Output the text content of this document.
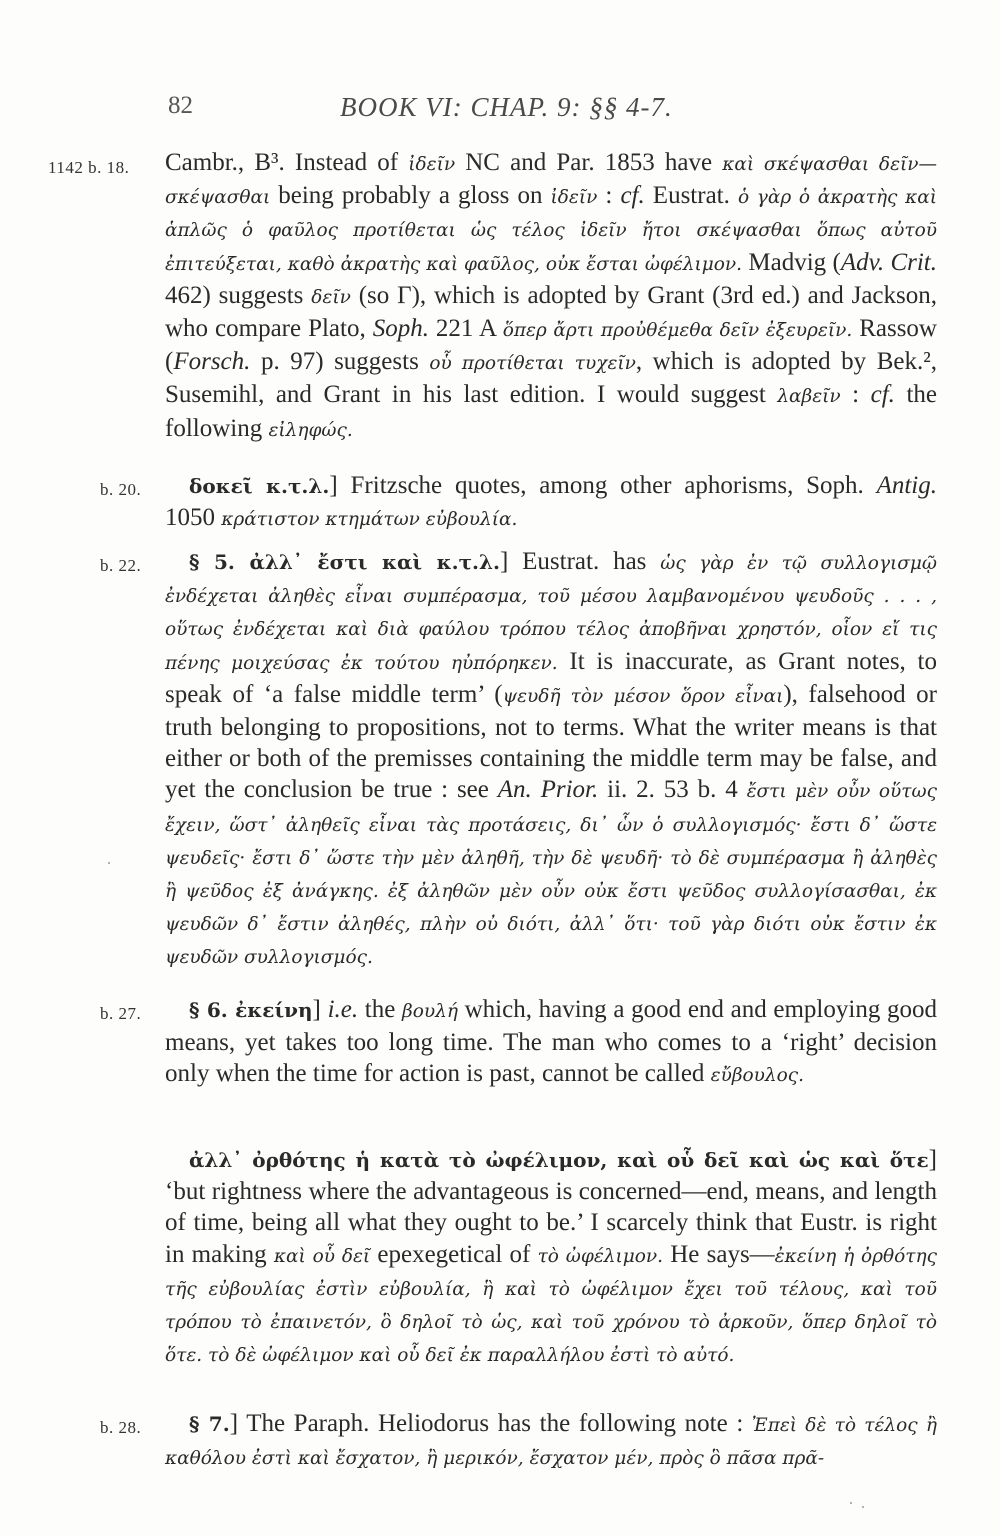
82	BOOK VI: CHAP. 9: §§ 4-7.
1142 b. 18. Cambr., B³. Instead of ἰδεῖν NC and Par. 1853 have καὶ σκέψασθαι δεῖν—σκέψασθαι being probably a gloss on ἰδεῖν : cf. Eustrat. ὁ γὰρ ὁ ἀκρατὴς καὶ ἁπλῶς ὁ φαῦλος προτίθεται ὡς τέλος ἰδεῖν ἤτοι σκέψασθαι ὅπως αὐτοῦ ἐπιτεύξεται, καθὸ ἀκρατὴς καὶ φαῦλος, οὐκ ἔσται ὠφέλιμον. Madvig (Adv. Crit. 462) suggests δεῖν (so Γ), which is adopted by Grant (3rd ed.) and Jackson, who compare Plato, Soph. 221 A ὅπερ ἄρτι προὐθέμεθα δεῖν ἐξευρεῖν. Rassow (Forsch. p. 97) suggests οὗ προτίθεται τυχεῖν, which is adopted by Bek.², Susemihl, and Grant in his last edition. I would suggest λαβεῖν : cf. the following εἰληφώς.
b. 20.	δοκεῖ κ.τ.λ.] Fritzsche quotes, among other aphorisms, Soph. Antig. 1050 κράτιστον κτημάτων εὐβουλία.
b. 22.	§ 5. ἀλλ᾽ ἔστι καὶ κ.τ.λ.] Eustrat. has ὡς γὰρ ἐν τῷ συλλογισμῷ ἐνδέχεται ἀληθὲς εἶναι συμπέρασμα, τοῦ μέσου λαμβανομένου ψευδοῦς . . . , οὕτως ἐνδέχεται καὶ διὰ φαύλου τρόπου τέλος ἀποβῆναι χρηστόν, οἷον εἴ τις πένης μοιχεύσας ἐκ τούτου ηὐπόρηκεν. It is inaccurate, as Grant notes, to speak of ‘a false middle term’ (ψευδῆ τὸν μέσον ὅρον εἶναι), falsehood or truth belonging to propositions, not to terms. What the writer means is that either or both of the premisses containing the middle term may be false, and yet the conclusion be true : see An. Prior. ii. 2. 53 b. 4 ἔστι μὲν οὖν οὕτως ἔχειν, ὥστ᾽ ἀληθεῖς εἶναι τὰς προτάσεις, δι᾽ ὧν ὁ συλλογισμός· ἔστι δ᾽ ὥστε ψευδεῖς· ἔστι δ᾽ ὥστε τὴν μὲν ἀληθῆ, τὴν δὲ ψευδῆ· τὸ δὲ συμπέρασμα ἢ ἀληθὲς ἢ ψεῦδος ἐξ ἀνάγκης. ἐξ ἀληθῶν μὲν οὖν οὐκ ἔστι ψεῦδος συλλογίσασθαι, ἐκ ψευδῶν δ᾽ ἔστιν ἀληθές, πλὴν οὐ διότι, ἀλλ᾽ ὅτι· τοῦ γὰρ διότι οὐκ ἔστιν ἐκ ψευδῶν συλλογισμός.
b. 27.	§ 6. ἐκείνη] i.e. the βουλή which, having a good end and employing good means, yet takes too long time. The man who comes to a ‘right’ decision only when the time for action is past, cannot be called εὔβουλος.
ἀλλ᾽ ὀρθότης ἡ κατὰ τὸ ὠφέλιμον, καὶ οὗ δεῖ καὶ ὡς καὶ ὅτε] ‘but rightness where the advantageous is concerned—end, means, and length of time, being all what they ought to be.’ I scarcely think that Eustr. is right in making καὶ οὗ δεῖ epexegetical of τὸ ὠφέλιμον. He says—ἐκείνη ἡ ὀρθότης τῆς εὐβουλίας ἐστὶν εὐβουλία, ἣ καὶ τὸ ὠφέλιμον ἔχει τοῦ τέλους, καὶ τοῦ τρόπου τὸ ἐπαινετόν, ὃ δηλοῖ τὸ ὡς, καὶ τοῦ χρόνου τὸ ἀρκοῦν, ὅπερ δηλοῖ τὸ ὅτε. τὸ δὲ ὠφέλιμον καὶ οὗ δεῖ ἐκ παραλλήλου ἐστὶ τὸ αὐτό.
b. 28.	§ 7.] The Paraph. Heliodorus has the following note : Ἐπεὶ δὲ τὸ τέλος ἢ καθόλου ἐστὶ καὶ ἔσχατον, ἢ μερικόν, ἔσχατον μέν, πρὸς ὃ πᾶσα πρᾶ-
